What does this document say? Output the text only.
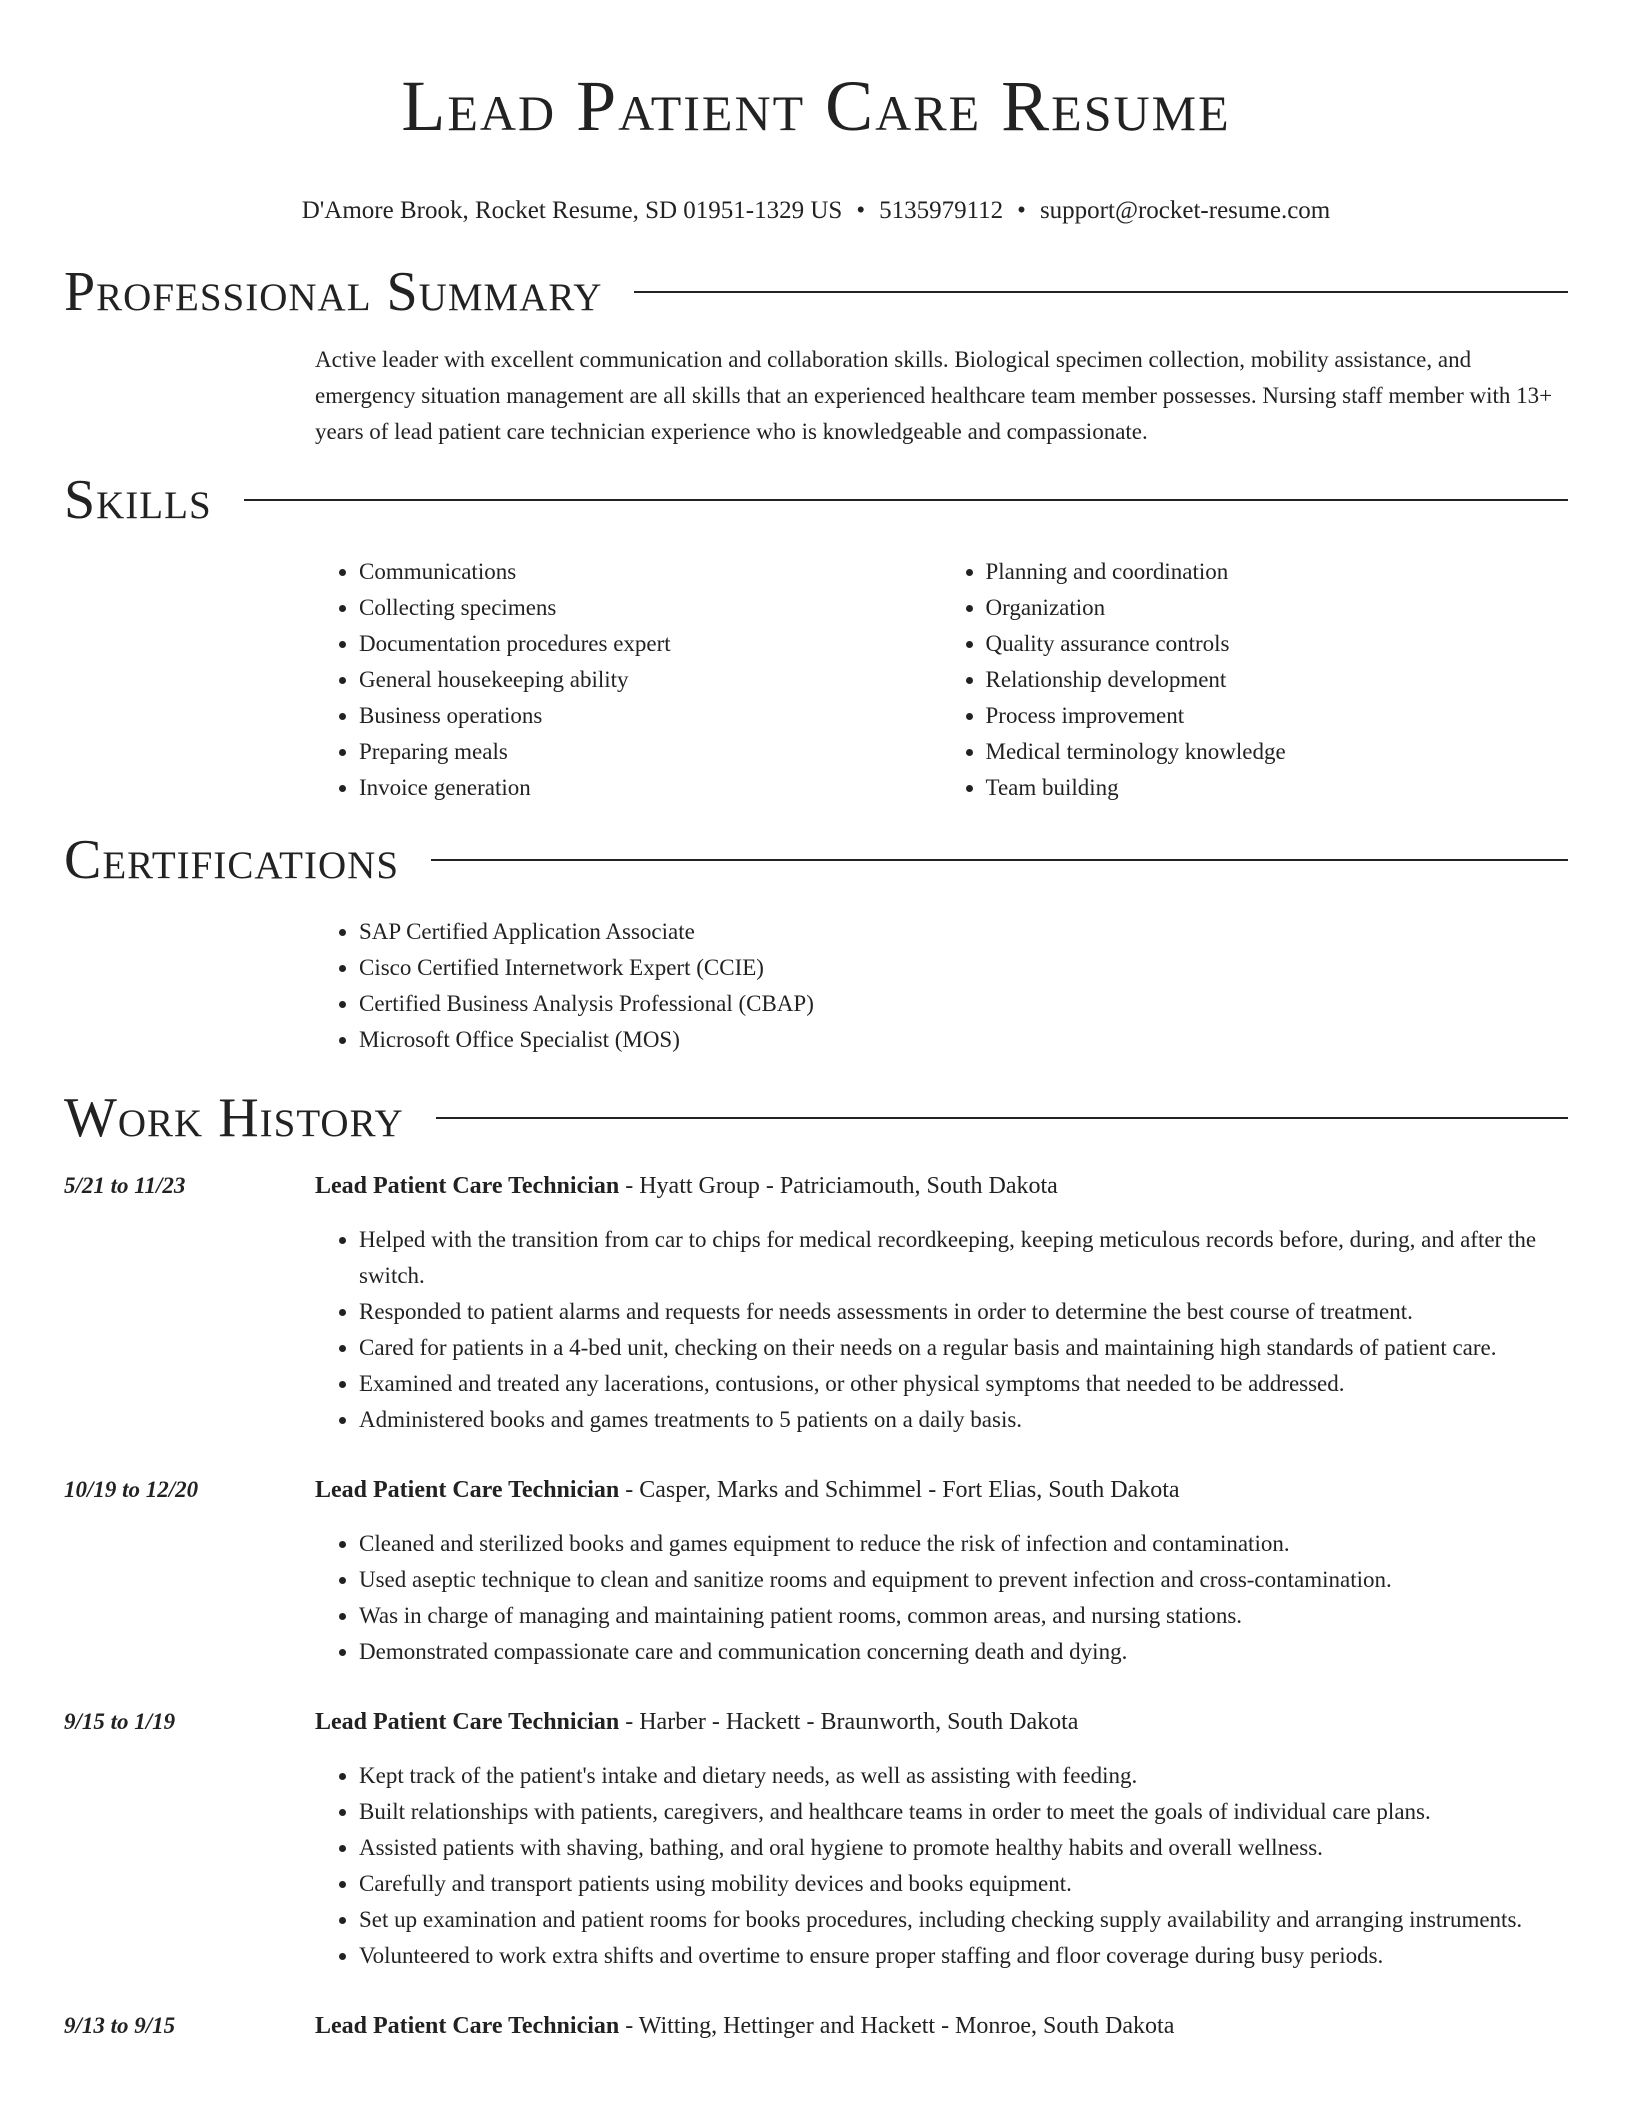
Lead Patient Care Resume
D'Amore Brook, Rocket Resume, SD 01951-1329 US • 5135979112 • support@rocket-resume.com
Professional Summary

Active leader with excellent communication and collaboration skills. Biological specimen collection, mobility assistance, and emergency situation management are all skills that an experienced healthcare team member possesses. Nursing staff member with 13+ years of lead patient care technician experience who is knowledgeable and compassionate.

Skills
• Communications
• Collecting specimens
• Documentation procedures expert
• General housekeeping ability
• Business operations
• Preparing meals
• Invoice generation
• Planning and coordination
• Organization
• Quality assurance controls
• Relationship development
• Process improvement
• Medical terminology knowledge
• Team building
Certifications
• SAP Certified Application Associate
• Cisco Certified Internetwork Expert (CCIE)
• Certified Business Analysis Professional (CBAP)
• Microsoft Office Specialist (MOS)
Work History
5/21 to 11/23	Lead Patient Care Technician - Hyatt Group - Patriciamouth, South Dakota
• Helped with the transition from car to chips for medical recordkeeping, keeping meticulous records before, during, and after the switch.
• Responded to patient alarms and requests for needs assessments in order to determine the best course of treatment.
• Cared for patients in a 4-bed unit, checking on their needs on a regular basis and maintaining high standards of patient care.
• Examined and treated any lacerations, contusions, or other physical symptoms that needed to be addressed.
• Administered books and games treatments to 5 patients on a daily basis.
10/19 to 12/20	Lead Patient Care Technician - Casper, Marks and Schimmel - Fort Elias, South Dakota
• Cleaned and sterilized books and games equipment to reduce the risk of infection and contamination.
• Used aseptic technique to clean and sanitize rooms and equipment to prevent infection and cross-contamination.
• Was in charge of managing and maintaining patient rooms, common areas, and nursing stations.
• Demonstrated compassionate care and communication concerning death and dying.
9/15 to 1/19	Lead Patient Care Technician - Harber - Hackett - Braunworth, South Dakota
• Kept track of the patient's intake and dietary needs, as well as assisting with feeding.
• Built relationships with patients, caregivers, and healthcare teams in order to meet the goals of individual care plans.
• Assisted patients with shaving, bathing, and oral hygiene to promote healthy habits and overall wellness.
• Carefully and transport patients using mobility devices and books equipment.
• Set up examination and patient rooms for books procedures, including checking supply availability and arranging instruments.
• Volunteered to work extra shifts and overtime to ensure proper staffing and floor coverage during busy periods.
9/13 to 9/15	Lead Patient Care Technician - Witting, Hettinger and Hackett - Monroe, South Dakota
